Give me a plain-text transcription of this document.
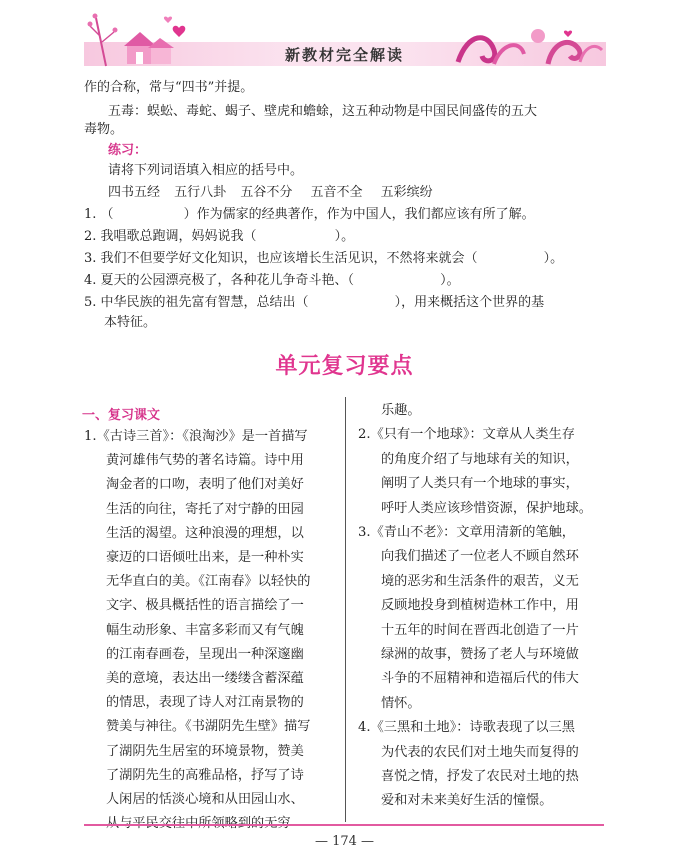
新教材完全解读
作的合称，常与“四书”并提。
五毒：蜈蚣、毒蛇、蝎子、壁虎和蟾蜍，这五种动物是中国民间盛传的五大
毒物。
练习：
请将下列词语填入相应的括号中。
四书五经 五行八卦 五谷不分 五音不全 五彩缤纷
1. （	）作为儒家的经典著作，作为中国人，我们都应该有所了解。
2. 我唱歌总跑调，妈妈说我（	）。
3. 我们不但要学好文化知识，也应该增长生活见识，不然将来就会（	）。
4. 夏天的公园漂亮极了，各种花儿争奇斗艳、（	）。
5. 中华民族的祖先富有智慧，总结出（	），用来概括这个世界的基
本特征。
单元复习要点
一、复习课文
1.《古诗三首》：《浪淘沙》是一首描写
黄河雄伟气势的著名诗篇。诗中用
淘金者的口吻，表明了他们对美好
生活的向往，寄托了对宁静的田园
生活的渴望。这种浪漫的理想，以
豪迈的口语倾吐出来，是一种朴实
无华直白的美。《江南春》以轻快的
文字、极具概括性的语言描绘了一
幅生动形象、丰富多彩而又有气魄
的江南春画卷，呈现出一种深邃幽
美的意境，表达出一缕缕含蓄深蕴
的情思，表现了诗人对江南景物的
赞美与神往。《书湖阴先生壁》描写
了湖阴先生居室的环境景物，赞美
了湖阴先生的高雅品格，抒写了诗
人闲居的恬淡心境和从田园山水、
乐趣。
2.《只有一个地球》：文章从人类生存
的角度介绍了与地球有关的知识，
阐明了人类只有一个地球的事实，
呼吁人类应该珍惜资源，保护地球。
3.《青山不老》：文章用清新的笔触，
向我们描述了一位老人不顾自然环
境的恶劣和生活条件的艰苦，义无
反顾地投身到植树造林工作中，用
十五年的时间在晋西北创造了一片
绿洲的故事，赞扬了老人与环境做
斗争的不屈精神和造福后代的伟大
情怀。
4.《三黑和土地》：诗歌表现了以三黑
为代表的农民们对土地失而复得的
喜悦之情，抒发了农民对土地的热
爱和对未来美好生活的憧憬。
— 174 —
